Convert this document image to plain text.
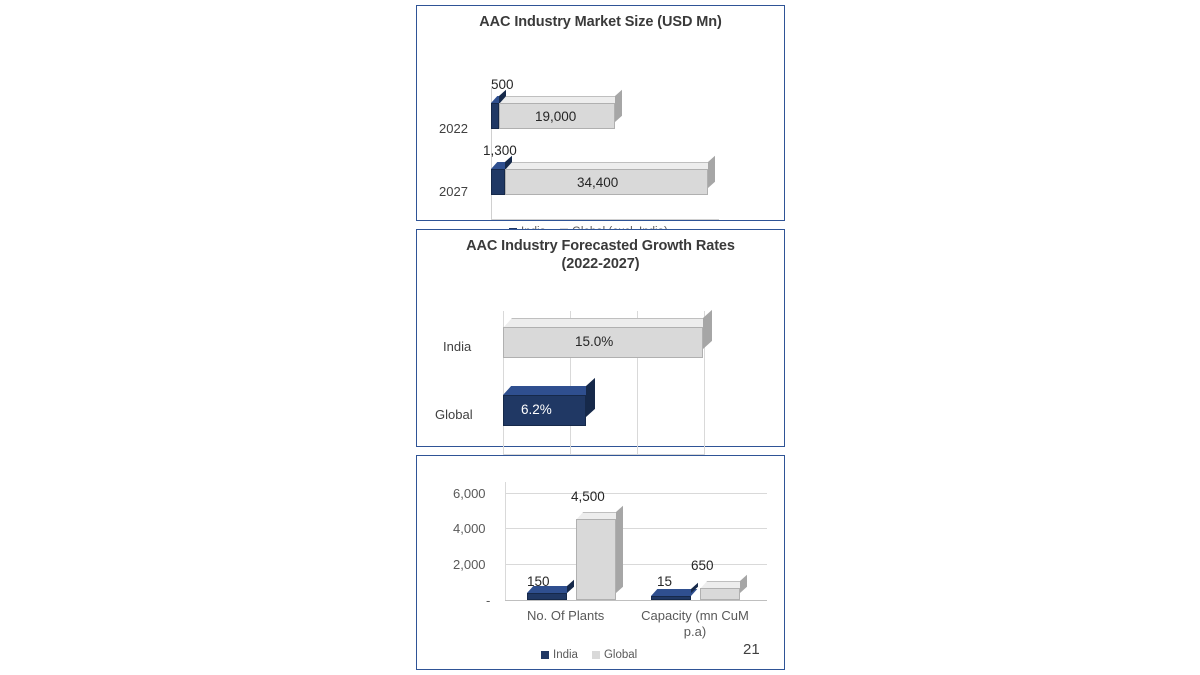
AAC Industry Market Size (USD Mn)
2022
2027
500
19,000
1,300
34,400
AAC Industry Forecasted Growth Rates
(2022-2027)
India
Global
15.0%
6.2%
6,000
4,000
2,000
-
150
4,500
15
650
No. Of Plants	Capacity (mn CuM p.a)
India Global	21
